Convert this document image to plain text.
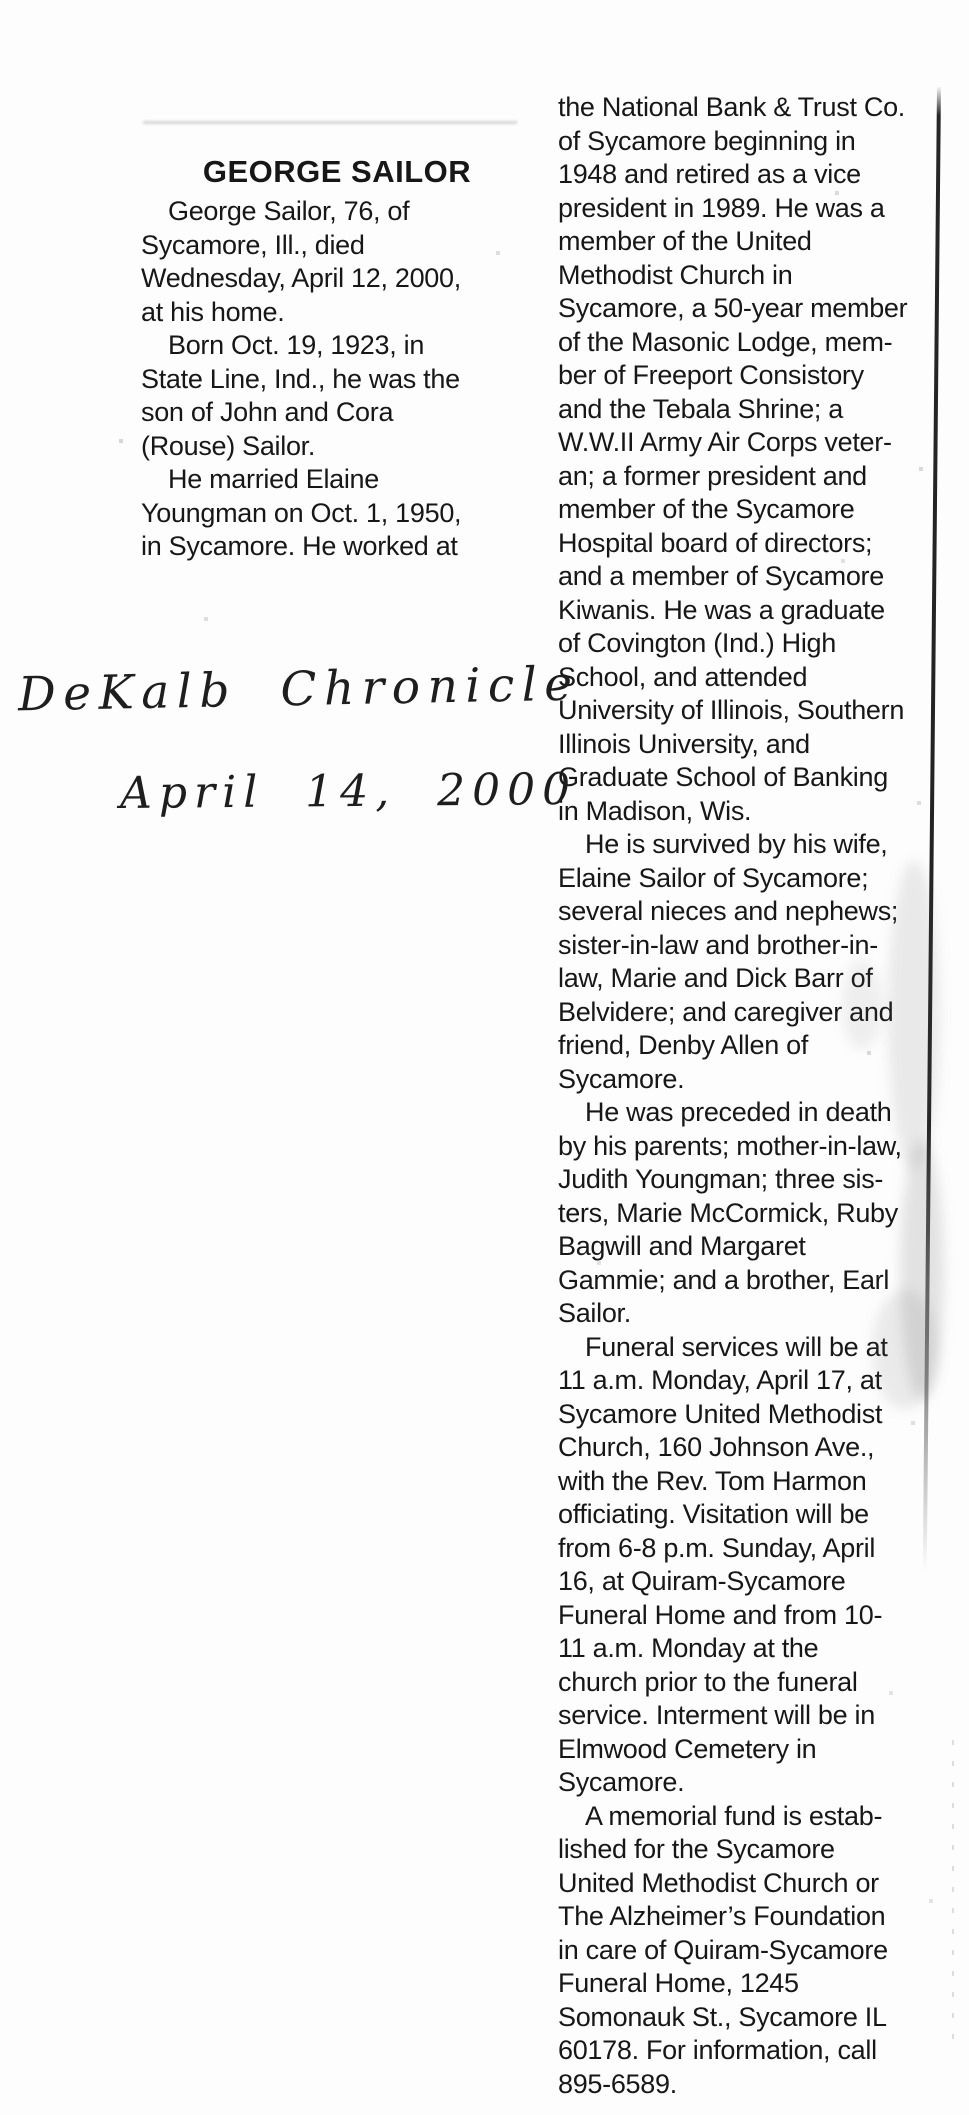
GEORGE SAILOR
George Sailor, 76, of
Sycamore, Ill., died
Wednesday, April 12, 2000,
at his home.
Born Oct. 19, 1923, in
State Line, Ind., he was the
son of John and Cora
(Rouse) Sailor.
He married Elaine
Youngman on Oct. 1, 1950,
in Sycamore. He worked at
the National Bank & Trust Co.
of Sycamore beginning in
1948 and retired as a vice
president in 1989. He was a
member of the United
Methodist Church in
Sycamore, a 50-year member
of the Masonic Lodge, mem-
ber of Freeport Consistory
and the Tebala Shrine; a
W.W.II Army Air Corps veter-
an; a former president and
member of the Sycamore
Hospital board of directors;
and a member of Sycamore
Kiwanis. He was a graduate
of Covington (Ind.) High
School, and attended
University of Illinois, Southern
Illinois University, and
Graduate School of Banking
in Madison, Wis.
He is survived by his wife,
Elaine Sailor of Sycamore;
several nieces and nephews;
sister-in-law and brother-in-
law, Marie and Dick Barr of
Belvidere; and caregiver and
friend, Denby Allen of
Sycamore.
He was preceded in death
by his parents; mother-in-law,
Judith Youngman; three sis-
ters, Marie McCormick, Ruby
Bagwill and Margaret
Gammie; and a brother, Earl
Sailor.
Funeral services will be at
11 a.m. Monday, April 17, at
Sycamore United Methodist
Church, 160 Johnson Ave.,
with the Rev. Tom Harmon
officiating. Visitation will be
from 6-8 p.m. Sunday, April
16, at Quiram-Sycamore
Funeral Home and from 10-
11 a.m. Monday at the
church prior to the funeral
service. Interment will be in
Elmwood Cemetery in
Sycamore.
A memorial fund is estab-
lished for the Sycamore
United Methodist Church or
The Alzheimer’s Foundation
in care of Quiram-Sycamore
Funeral Home, 1245
Somonauk St., Sycamore IL
60178. For information, call
895-6589.
DeKalb Chronicle
April 14, 2000
